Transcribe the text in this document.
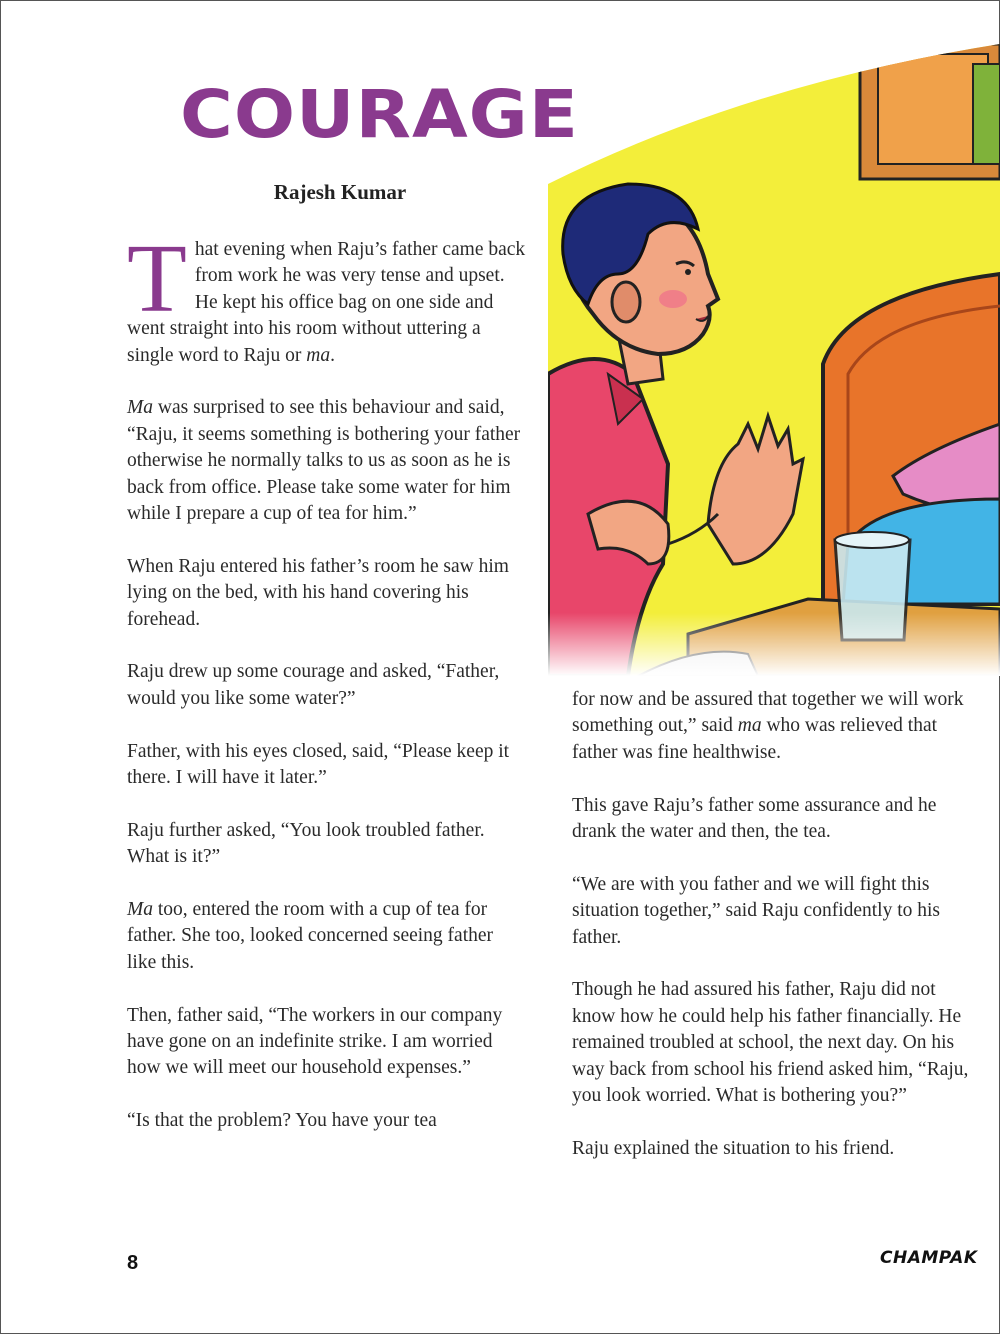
COURAGE
Rajesh Kumar

That evening when Raju’s father came back from work he was very tense and upset. He kept his office bag on one side and went straight into his room without uttering a single word to Raju or ma.

Ma was surprised to see this behaviour and said, “Raju, it seems something is bothering your father otherwise he normally talks to us as soon as he is back from office. Please take some water for him while I prepare a cup of tea for him.”

When Raju entered his father’s room he saw him lying on the bed, with his hand covering his forehead.

Raju drew up some courage and asked, “Father, would you like some water?”

Father, with his eyes closed, said, “Please keep it there. I will have it later.”

Raju further asked, “You look troubled father. What is it?”

Ma too, entered the room with a cup of tea for father. She too, looked concerned seeing father like this.

Then, father said, “The workers in our company have gone on an indefinite strike. I am worried how we will meet our household expenses.”

“Is that the problem? You have your tea

for now and be assured that together we will work something out,” said ma who was relieved that father was fine healthwise.

This gave Raju’s father some assurance and he drank the water and then, the tea.

“We are with you father and we will fight this situation together,” said Raju confidently to his father.

Though he had assured his father, Raju did not know how he could help his father financially. He remained troubled at school, the next day. On his way back from school his friend asked him, “Raju, you look worried. What is bothering you?”

Raju explained the situation to his friend.

8	CHAMPAK
